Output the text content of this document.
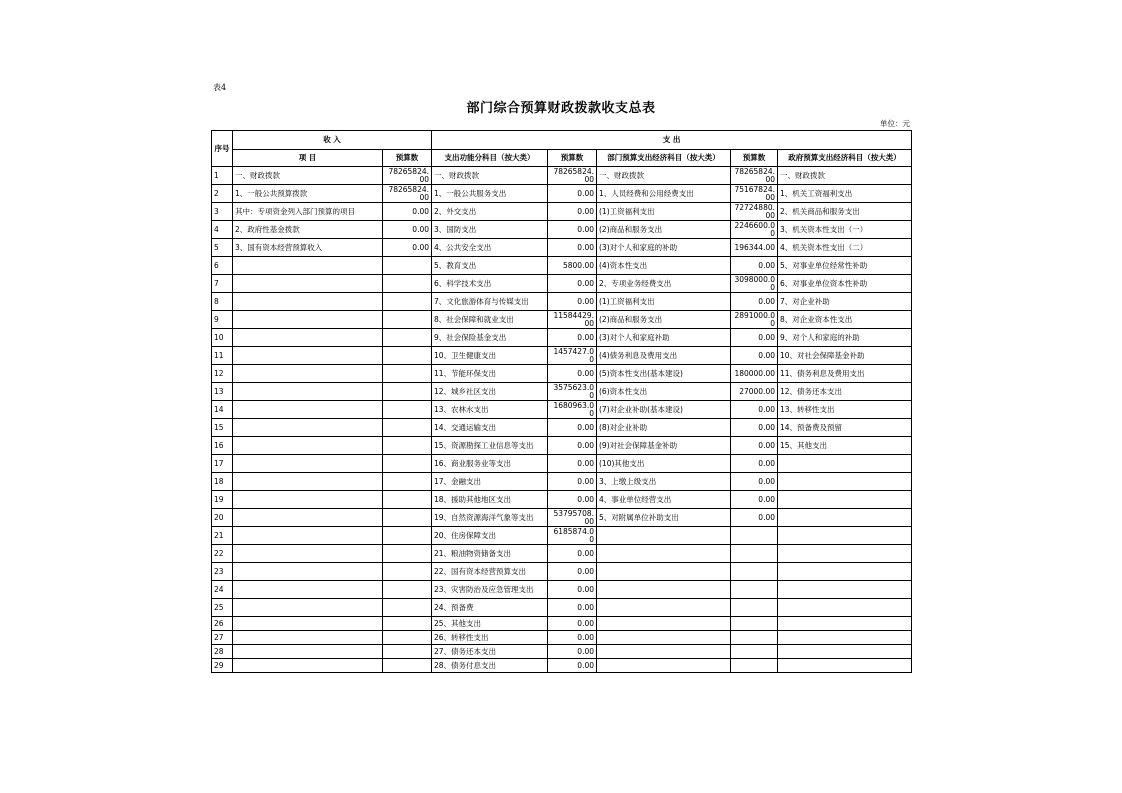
表4
部门综合预算财政拨款收支总表
单位：元
序号	收 入		支 出				
	项 目	预算数	支出功能分科目（按大类）	预算数	部门预算支出经济科目（按大类）	预算数	政府预算支出经济科目（按大类）
1	一、财政拨款	78265824.00	一、财政拨款	78265824.00	一、财政拨款	78265824.00	一、财政拨款
2	1、一般公共预算拨款	78265824.00	1、一般公共服务支出	0.00	1、人员经费和公用经费支出	75167824.00	1、机关工资福利支出
3	其中：专项资金列入部门预算的项目	0.00	2、外交支出	0.00	(1)工资福利支出	72724880.00	2、机关商品和服务支出
4	2、政府性基金拨款	0.00	3、国防支出	0.00	(2)商品和服务支出	2246600.00	3、机关资本性支出（一）
5	3、国有资本经营预算收入	0.00	4、公共安全支出	0.00	(3)对个人和家庭的补助	196344.00	4、机关资本性支出（二）
6			5、教育支出	5800.00	(4)资本性支出	0.00	5、对事业单位经常性补助
7			6、科学技术支出	0.00	2、专项业务经费支出	3098000.00	6、对事业单位资本性补助
8			7、文化旅游体育与传媒支出	0.00	(1)工资福利支出	0.00	7、对企业补助
9			8、社会保障和就业支出	11584429.00	(2)商品和服务支出	2891000.00	8、对企业资本性支出
10			9、社会保险基金支出	0.00	(3)对个人和家庭补助	0.00	9、对个人和家庭的补助
11			10、卫生健康支出	1457427.00	(4)债务利息及费用支出	0.00	10、对社会保障基金补助
12			11、节能环保支出	0.00	(5)资本性支出(基本建设)	180000.00	11、债务利息及费用支出
13			12、城乡社区支出	3575623.00	(6)资本性支出	27000.00	12、债务还本支出
14			13、农林水支出	1680963.00	(7)对企业补助(基本建设)	0.00	13、转移性支出
15			14、交通运输支出	0.00	(8)对企业补助	0.00	14、预备费及预留
16			15、资源勘探工业信息等支出	0.00	(9)对社会保障基金补助	0.00	15、其他支出
17			16、商业服务业等支出	0.00	(10)其他支出	0.00	
18			17、金融支出	0.00	3、上缴上级支出	0.00	
19			18、援助其他地区支出	0.00	4、事业单位经营支出	0.00	
20			19、自然资源海洋气象等支出	53795708.00	5、对附属单位补助支出	0.00	
21			20、住房保障支出	6185874.00			
22			21、粮油物资储备支出	0.00			
23			22、国有资本经营预算支出	0.00			
24			23、灾害防治及应急管理支出	0.00			
25			24、预备费	0.00			
26			25、其他支出	0.00			
27			26、转移性支出	0.00			
28			27、债务还本支出	0.00			
29			28、债务付息支出	0.00			
